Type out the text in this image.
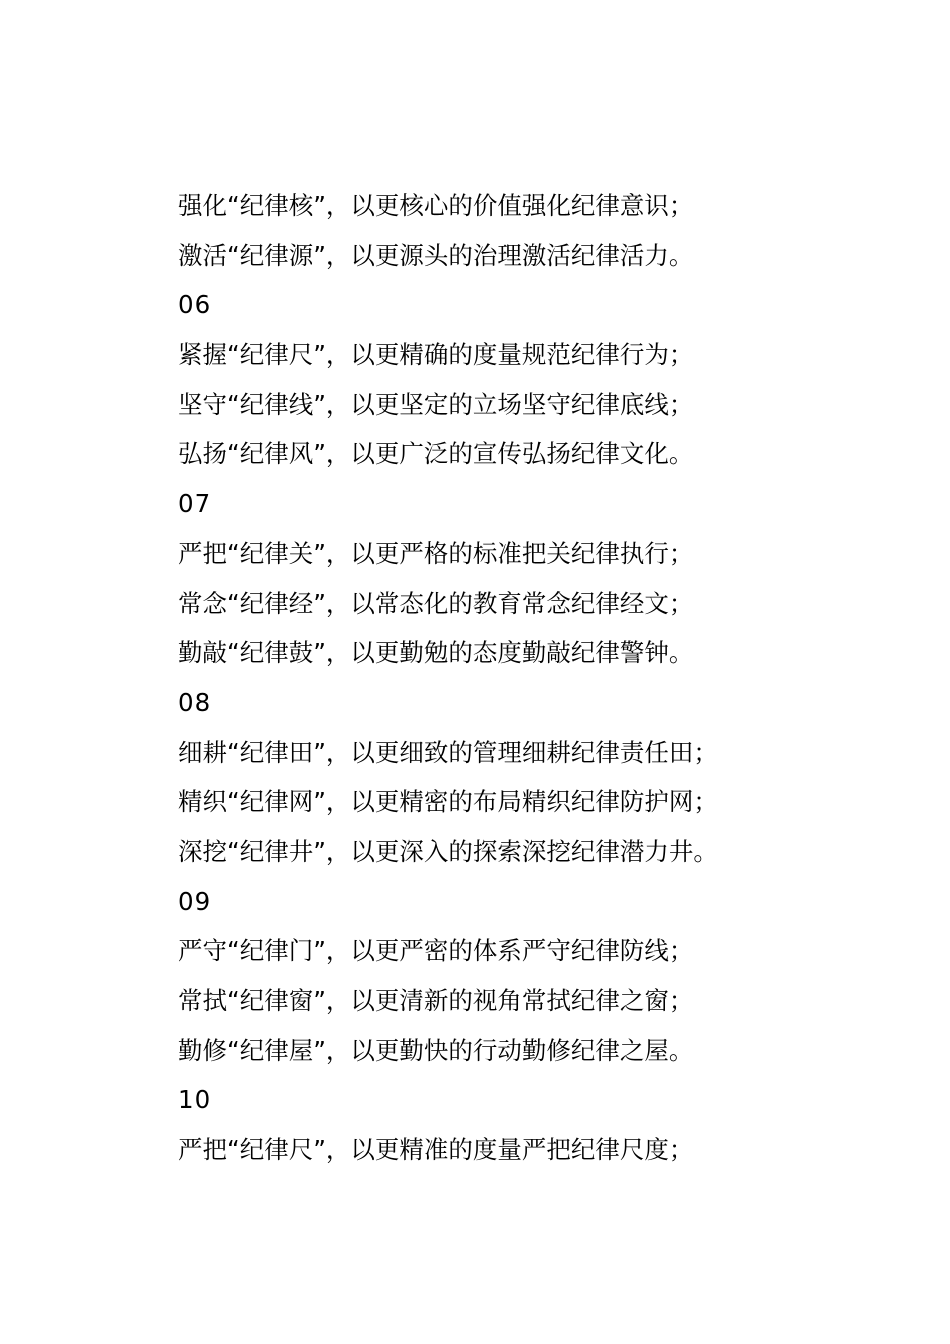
强化“纪律核”，以更核心的价值强化纪律意识；
激活“纪律源”，以更源头的治理激活纪律活力。
06
紧握“纪律尺”，以更精确的度量规范纪律行为；
坚守“纪律线”，以更坚定的立场坚守纪律底线；
弘扬“纪律风”，以更广泛的宣传弘扬纪律文化。
07
严把“纪律关”，以更严格的标准把关纪律执行；
常念“纪律经”，以常态化的教育常念纪律经文；
勤敲“纪律鼓”，以更勤勉的态度勤敲纪律警钟。
08
细耕“纪律田”，以更细致的管理细耕纪律责任田；
精织“纪律网”，以更精密的布局精织纪律防护网；
深挖“纪律井”，以更深入的探索深挖纪律潜力井。
09
严守“纪律门”，以更严密的体系严守纪律防线；
常拭“纪律窗”，以更清新的视角常拭纪律之窗；
勤修“纪律屋”，以更勤快的行动勤修纪律之屋。
10
严把“纪律尺”，以更精准的度量严把纪律尺度；
